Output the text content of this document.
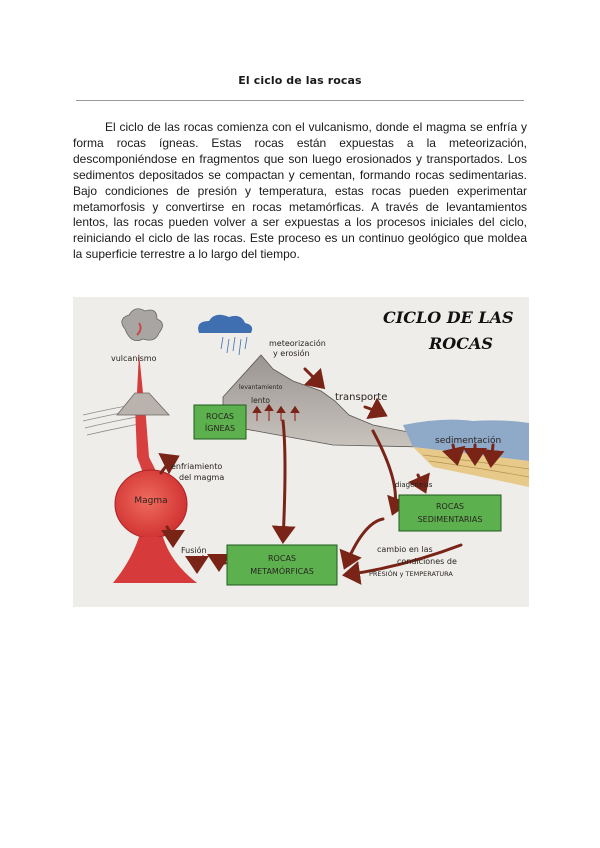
El ciclo de las rocas

El ciclo de las rocas comienza con el vulcanismo, donde el magma se enfría y forma rocas ígneas. Estas rocas están expuestas a la meteorización, descomponiéndose en fragmentos que son luego erosionados y transportados. Los sedimentos depositados se compactan y cementan, formando rocas sedimentarias. Bajo condiciones de presión y temperatura, estas rocas pueden experimentar metamorfosis y convertirse en rocas metamórficas. A través de levantamientos lentos, las rocas pueden volver a ser expuestas a los procesos iniciales del ciclo, reiniciando el ciclo de las rocas. Este proceso es un continuo geológico que moldea la superficie terrestre a lo largo del tiempo.

CICLO DE LAS
ROCAS
vulcanismo
meteorización
y erosión
levantamiento
lento	transporte
sedimentación
ROCAS
ÍGNEAS
enfriamiento
del magma
Magma
diagénesis
ROCAS
SEDIMENTARIAS
Fusión
ROCAS
METAMÓRFICAS
cambio en las
condiciones de
PRESIÓN y TEMPERATURA
